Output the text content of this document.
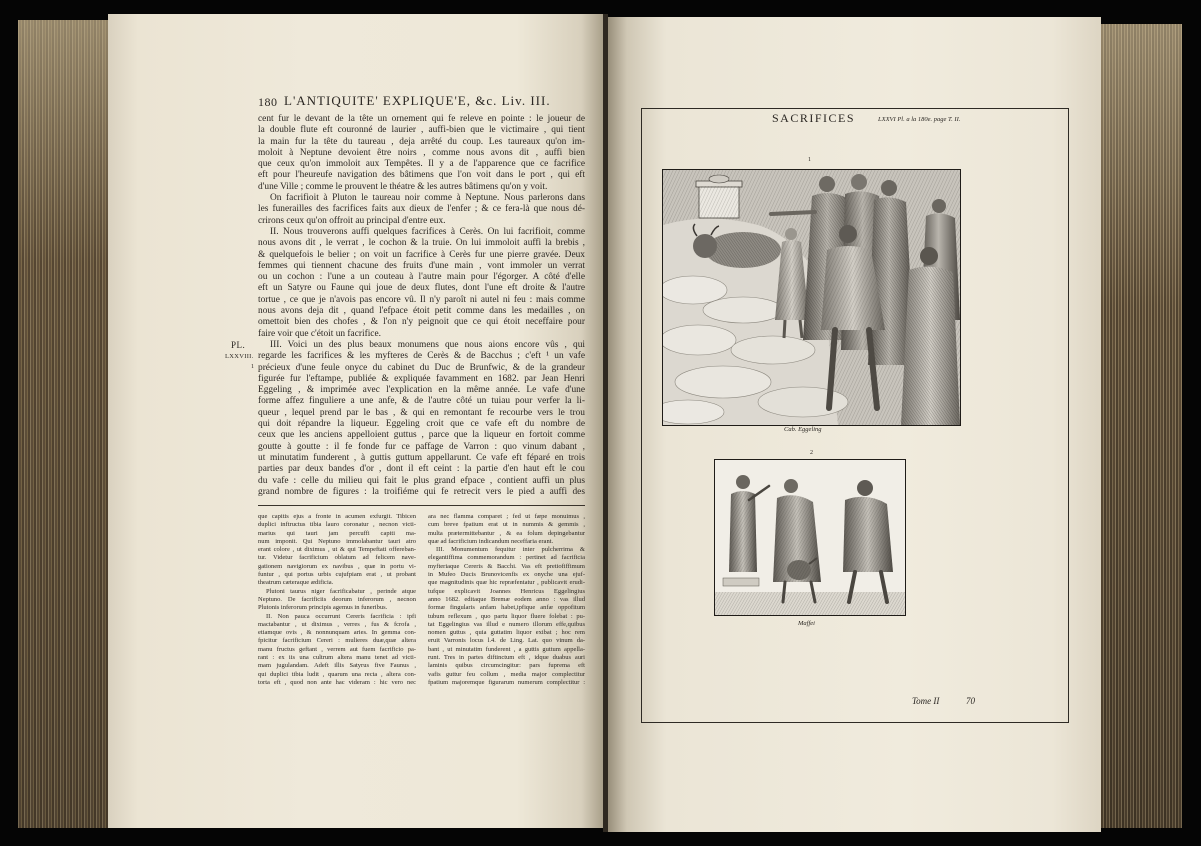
180 L'ANTIQUITE' EXPLIQUE'E, &c. Liv. III.
cent fur le devant de la tête un ornement qui fe releve en pointe : le joueur de
la double flute eft couronné de laurier , auffi-bien que le victimaire , qui tient
la main fur la tête du taureau , deja arrêté du coup. Les taureaux qu'on im-
moloit à Neptune devoient être noirs , comme nous avons dit , auffi bien
que ceux qu'on immoloit aux Tempêtes. Il y a de l'apparence que ce facrifice
eft pour l'heureufe navigation des bâtimens que l'on voit dans le port , qui eft
d'une Ville ; comme le prouvent le théatre & les autres bâtimens qu'on y voit.
On facrifioit à Pluton le taureau noir comme à Neptune. Nous parlerons dans
les funerailles des facrifices faits aux dieux de l'enfer ; & ce fera-là que nous dé-
crirons ceux qu'on offroit au principal d'entre eux.
II. Nous trouverons auffi quelques facrifices à Cerès. On lui facrifioit, comme
nous avons dit , le verrat , le cochon & la truie. On lui immoloit auffi la brebis ,
& quelquefois le belier ; on voit un facrifice à Cerès fur une pierre gravée. Deux
femmes qui tiennent chacune des fruits d'une main , vont immoler un verrat
ou un cochon : l'une a un couteau à l'autre main pour l'égorger. A côté d'elle
eft un Satyre ou Faune qui joue de deux flutes, dont l'une eft droite & l'autre
tortue , ce que je n'avois pas encore vû. Il n'y paroît ni autel ni feu : mais comme
nous avons deja dit , quand l'efpace étoit petit comme dans les medailles , on
omettoit bien des chofes , & l'on n'y peignoit que ce qui étoit neceffaire pour
faire voir que c'étoit un facrifice.
III. Voici un des plus beaux monumens que nous aions encore vûs , qui
regarde les facrifices & les myfteres de Cerès & de Bacchus ; c'eft ¹ un vafe
précieux d'une feule onyce du cabinet du Duc de Brunfwic, & de la grandeur
figurée fur l'eftampe, publiée & expliquée favamment en 1682. par Jean Henri
Eggeling , & imprimée avec l'explication en la même année. Le vafe d'une
forme affez finguliere a une anfe, & de l'autre côté un tuiau pour verfer la li-
queur , lequel prend par le bas , & qui en remontant fe recourbe vers le trou
qui doit répandre la liqueur. Eggeling croit que ce vafe eft du nombre de
ceux que les anciens appelloient guttus , parce que la liqueur en fortoit comme
goutte à goutte : il fe fonde fur ce paffage de Varron : quo vinum dabant ,
ut minutatim funderent , à guttis guttum appellarunt. Ce vafe eft féparé en trois
parties par deux bandes d'or , dont il eft ceint : la partie d'en haut eft le cou
du vafe : celle du milieu qui fait le plus grand efpace , contient auffi un plus
grand nombre de figures : la troifiéme qui fe retrecit vers le pied a auffi des
PL.
LXXVIII.
1
que capitis ejus a fronte in acumen exfurgit. Tibicen
duplici inftructus tibia lauro coronatur , necnon victi-
marius qui tauri jam percuffi capiti ma-
num imponit. Qui Neptuno immolabantur tauri atro
erant colore , ut diximus , ut & qui Tempeftati offereban-
tur. Videtur facrificium oblatum ad felicem nave-
gationem navigiorum ex navibus , quæ in portu vi-
funtur , qui portus urbis cujufpiam erat , ut probant
theatrum cæteraque ædificia.
Plutoni taurus niger facrificabatur , perinde atque
Neptuno. De facrificiis deorum inferorum , necnon
Plutonis inferorum principis agemus in funeribus.
II. Non pauca occurrunt Cereris facrificia : ipfi
mactabantur , ut diximus , verres , fus & fcrofa ,
etiamque ovis , & nonnunquam aries. In gemma con-
fpicitur facrificium Cereri : mulieres duæ,quæ altera
manu fructus geftant , verrem aut fuem facrificio pa-
rant : ex iis una cultrum altera manu tenet ad victi-
mam jugulandam. Adeft illis Satyrus five Faunus ,
qui duplici tibia ludit , quarum una recta , altera con-
torta eft , quod non ante hac videram : hic vero nec
ara nec flamma comparet ; fed ut fæpe monuimus ,
cum breve fpatium erat ut in nummis & gemmis ,
multa prætermittebantur , & ea folum depingebantur
quæ ad facrificium indicandum neceffaria erant.
III. Monumentum fequitur inter pulcherrima &
elegantiffima commemorandum : pertinet ad facrificia
myfteriaque Cereris & Bacchi. Vas eft pretiofiffimum
in Mufeo Ducis Brunovicenfis ex onyche una ejuf-
que magnitudinis quæ hic repræfentatur , publicavit erudi-
tufque explicavit Joannes Henricus Eggelingius
anno 1682. editaque Bremæ eodem anno : vas illud
formæ fingularis anfam habet,ipfique anfæ oppofitum
tubum reflexum , quo partu liquor fluere folebat : pu-
tat Eggelingius vas illud e numero illorum effe,quibus
nomen guttus , quia guttatim liquor exibat ; hoc rem
eruit Varronis locus l.4. de Ling. Lat. quo vinum da-
bant , ut minutatim funderent , a guttis guttum appella-
runt. Tres in partes diftinctum eft , idque duabus auri
laminis quibus circumcingitur: pars fuprema eft
vafis guttur feu collum , media major complectitur
fpatium majoremque figurarum numerum complectitur :
SACRIFICES	LXXVI Pl. a la 180e. page T. II.
1
Cab. Eggeling
2
Maffei
Tome II	70
